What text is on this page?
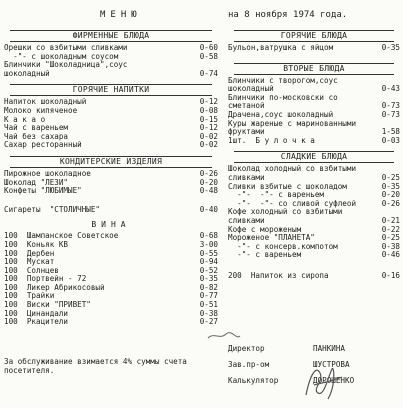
МЕНЮ	на 8 ноября 1974 года.
ФИРМЕННЫЕ БЛЮДА
Орешки со взбитыми сливками	0-60
-"- с шоколадным соусом	0-58
Блинчики "Шоколадница",соус
шоколадный	0-74
ГОРЯЧИЕ НАПИТКИ
Напиток шоколадный	0-12
Молоко кипяченое	0-08
К а к а о	0-15
Чай с вареньем	0-12
Чай без сахара	0-02
Сахар ресторанный	0-02
КОНДИТЕРСКИЕ ИЗДЕЛИЯ
Пирожное шоколадное	0-26
Шоколад "ЛЕЗИ"	0-20
Конфеты "ЛЮБИМЫЕ"	0-48
Сигареты  "СТОЛИЧНЫЕ"	0-40
ВИНА
100  Шампанское Советское	0-68
100  Коньяк КВ	3-00
100  Дербен	0-55
100  Мускат	0-94
100  Солнцев	0-52
100  Портвейн - 72	0-35
100  Ликер Абрикосовый	0-82
100  Трайки	0-77
100  Виски "ПРИВЕТ"	0-51
100  Цинандали	0-38
100  Ркацители	0-27
ГОРЯЧИЕ БЛЮДА
Бульон,ватрушка с яйцом	0-35
ВТОРЫЕ БЛЮДА
Блинчики с творогом,соус
шоколадный	0-43
Блинчики по-московски со
сметаной	0-73
Драчена,соус шоколадный	0-73
Куры жареные с маринованными
фруктами	1-58
1шт.  Б у л о ч к а	0-03
СЛАДКИЕ БЛЮДА
Шоколад холодный со взбитыми
сливками	0-25
Сливки взбитые с шоколадом	0-35
-"-  -"- с вареньем	0-20
-"-  -"- со сливой суфлеой	0-26
Кофе холодный со взбитыми
сливками	0-21
Кофе с мороженым	0-22
Мороженое "ПЛАНЕТА"	0-25
-"- с консерв.компотом	0-38
-"- с вареньем	0-46
200  Напиток из сиропа	0-16
За обслуживание взимается 4% суммы счета посетителя.
Директор	ПАНКИНА
Зав.пр-ом	ШУСТРОВА
Калькулятор	ДОРОШЕНКО
